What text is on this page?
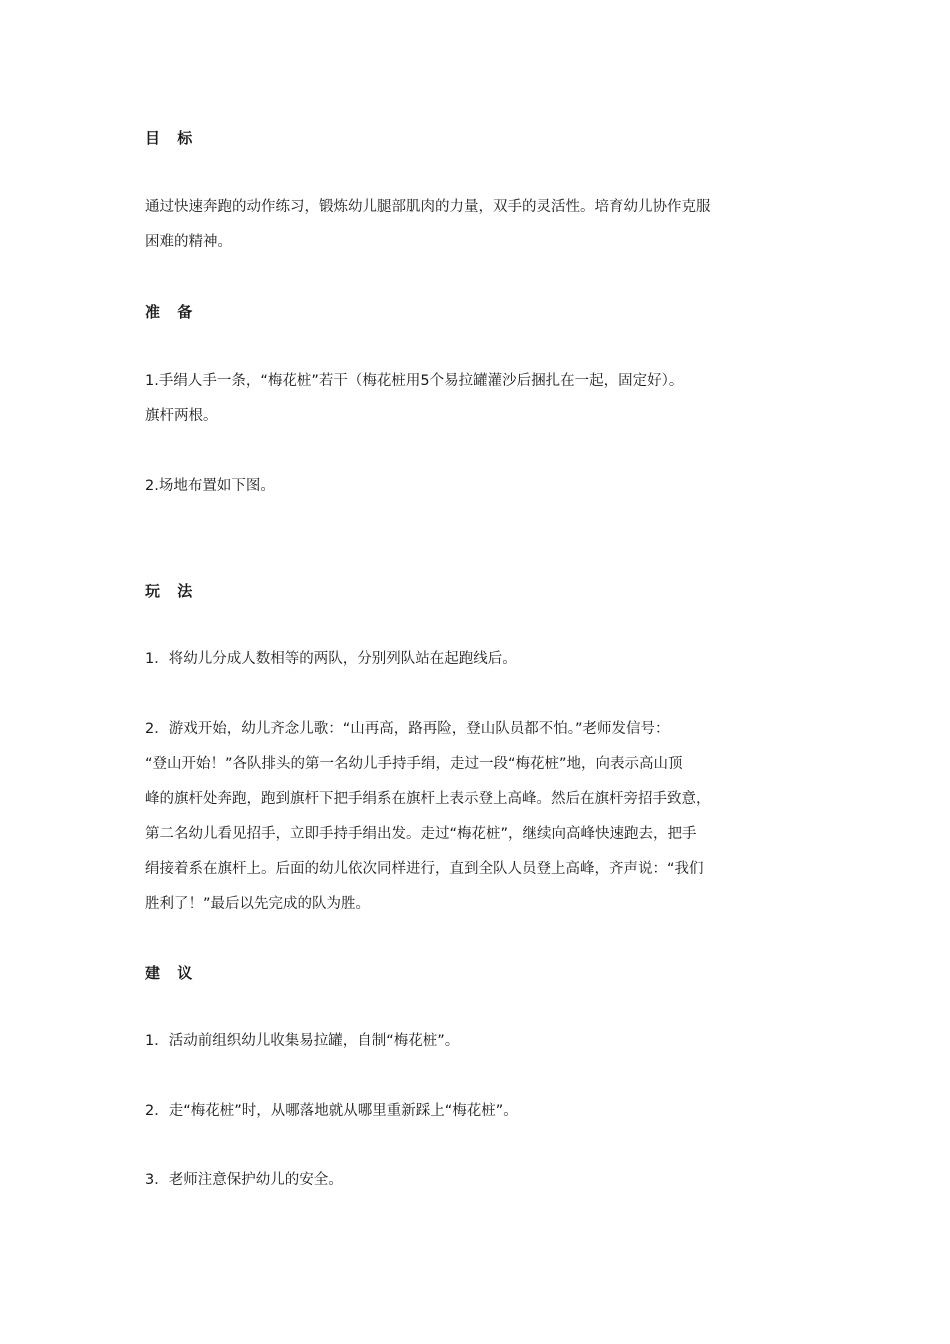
目 标
通过快速奔跑的动作练习，锻炼幼儿腿部肌肉的力量，双手的灵活性。培育幼儿协作克服
困难的精神。
准 备
1.手绢人手一条，“梅花桩”若干（梅花桩用5个易拉罐灌沙后捆扎在一起，固定好）。
旗杆两根。
2.场地布置如下图。
玩 法
1．将幼儿分成人数相等的两队，分别列队站在起跑线后。
2．游戏开始，幼儿齐念儿歌：“山再高，路再险，登山队员都不怕。”老师发信号：
“登山开始！”各队排头的第一名幼儿手持手绢，走过一段“梅花桩”地，向表示高山顶
峰的旗杆处奔跑，跑到旗杆下把手绢系在旗杆上表示登上高峰。然后在旗杆旁招手致意，
第二名幼儿看见招手，立即手持手绢出发。走过“梅花桩”，继续向高峰快速跑去，把手
绢接着系在旗杆上。后面的幼儿依次同样进行，直到全队人员登上高峰，齐声说：“我们
胜利了！”最后以先完成的队为胜。
建 议
1．活动前组织幼儿收集易拉罐，自制“梅花桩”。
2．走“梅花桩”时，从哪落地就从哪里重新踩上“梅花桩”。
3．老师注意保护幼儿的安全。
